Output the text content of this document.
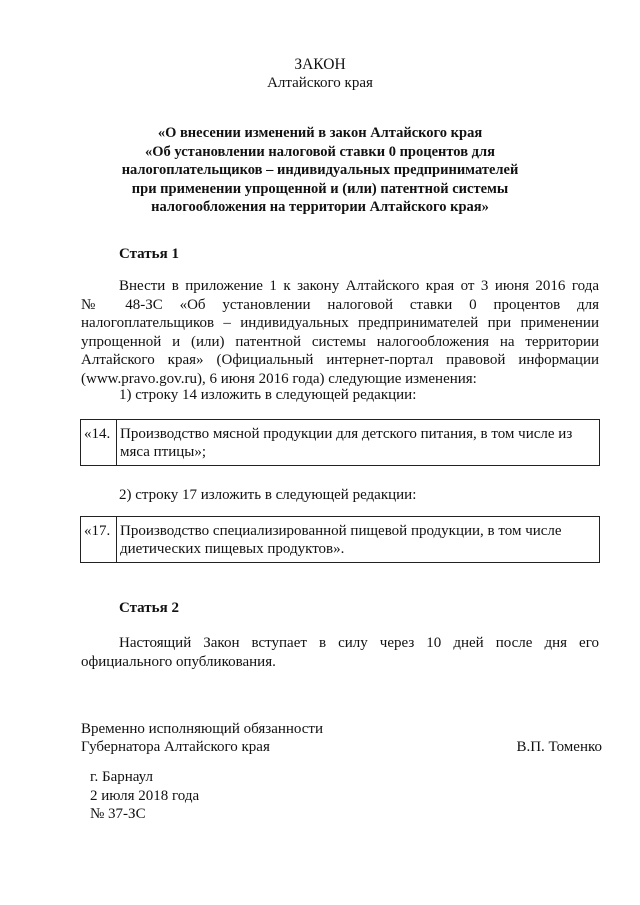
ЗАКОН
Алтайского края
«О внесении изменений в закон Алтайского края
«Об установлении налоговой ставки 0 процентов для
налогоплательщиков – индивидуальных предпринимателей
при применении упрощенной и (или) патентной системы
налогообложения на территории Алтайского края»
Статья 1
Внести в приложение 1 к закону Алтайского края от 3 июня 2016 года
№ 48-ЗС «Об установлении налоговой ставки 0 процентов для
налогоплательщиков – индивидуальных предпринимателей при применении
упрощенной и (или) патентной системы налогообложения на территории
Алтайского края» (Официальный интернет-портал правовой информации
(www.pravo.gov.ru), 6 июня 2016 года) следующие изменения:
1) строку 14 изложить в следующей редакции:
«14.	Производство мясной продукции для детского питания, в том числе из мяса птицы»;
2) строку 17 изложить в следующей редакции:
«17.	Производство специализированной пищевой продукции, в том числе диетических пищевых продуктов».
Статья 2
Настоящий Закон вступает в силу через 10 дней после дня его
официального опубликования.
Временно исполняющий обязанности
Губернатора Алтайского края	В.П. Томенко
г. Барнаул
2 июля 2018 года
№ 37-ЗС
